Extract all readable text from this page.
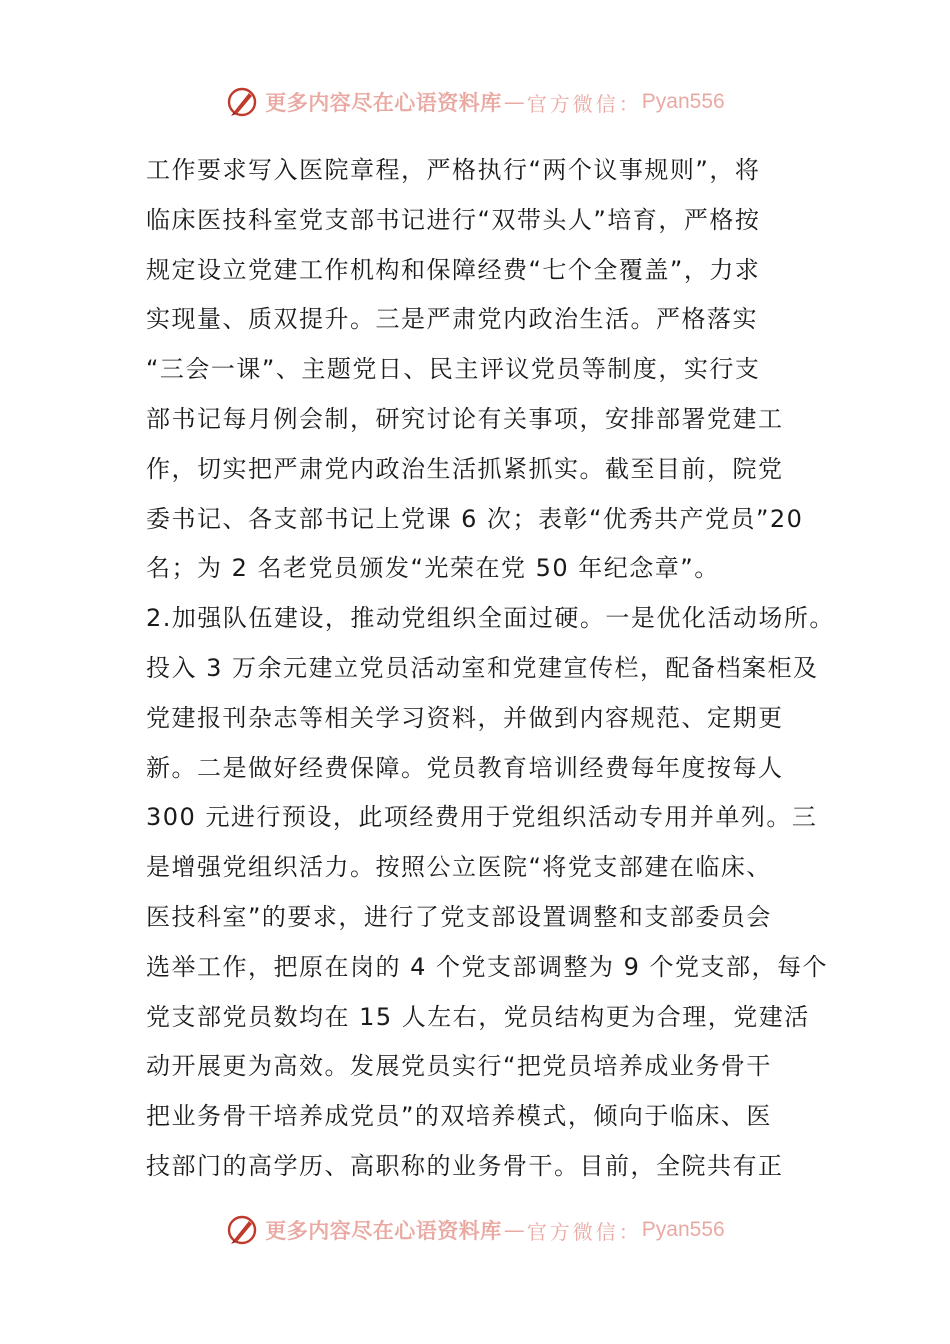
更多内容尽在心语资料库 — 官方微信： Pyan556
工作要求写入医院章程，严格执行“两个议事规则”，将
临床医技科室党支部书记进行“双带头人”培育，严格按
规定设立党建工作机构和保障经费“七个全覆盖”，力求
实现量、质双提升。三是严肃党内政治生活。严格落实
“三会一课”、主题党日、民主评议党员等制度，实行支
部书记每月例会制，研究讨论有关事项，安排部署党建工
作，切实把严肃党内政治生活抓紧抓实。截至目前，院党
委书记、各支部书记上党课 6 次；表彰“优秀共产党员”20
名；为 2 名老党员颁发“光荣在党 50 年纪念章”。
2.加强队伍建设，推动党组织全面过硬。一是优化活动场所。
投入 3 万余元建立党员活动室和党建宣传栏，配备档案柜及
党建报刊杂志等相关学习资料，并做到内容规范、定期更
新。二是做好经费保障。党员教育培训经费每年度按每人
300 元进行预设，此项经费用于党组织活动专用并单列。三
是增强党组织活力。按照公立医院“将党支部建在临床、
医技科室”的要求，进行了党支部设置调整和支部委员会
选举工作，把原在岗的 4 个党支部调整为 9 个党支部，每个
党支部党员数均在 15 人左右，党员结构更为合理，党建活
动开展更为高效。发展党员实行“把党员培养成业务骨干
把业务骨干培养成党员”的双培养模式，倾向于临床、医
技部门的高学历、高职称的业务骨干。目前，全院共有正
更多内容尽在心语资料库 — 官方微信： Pyan556
